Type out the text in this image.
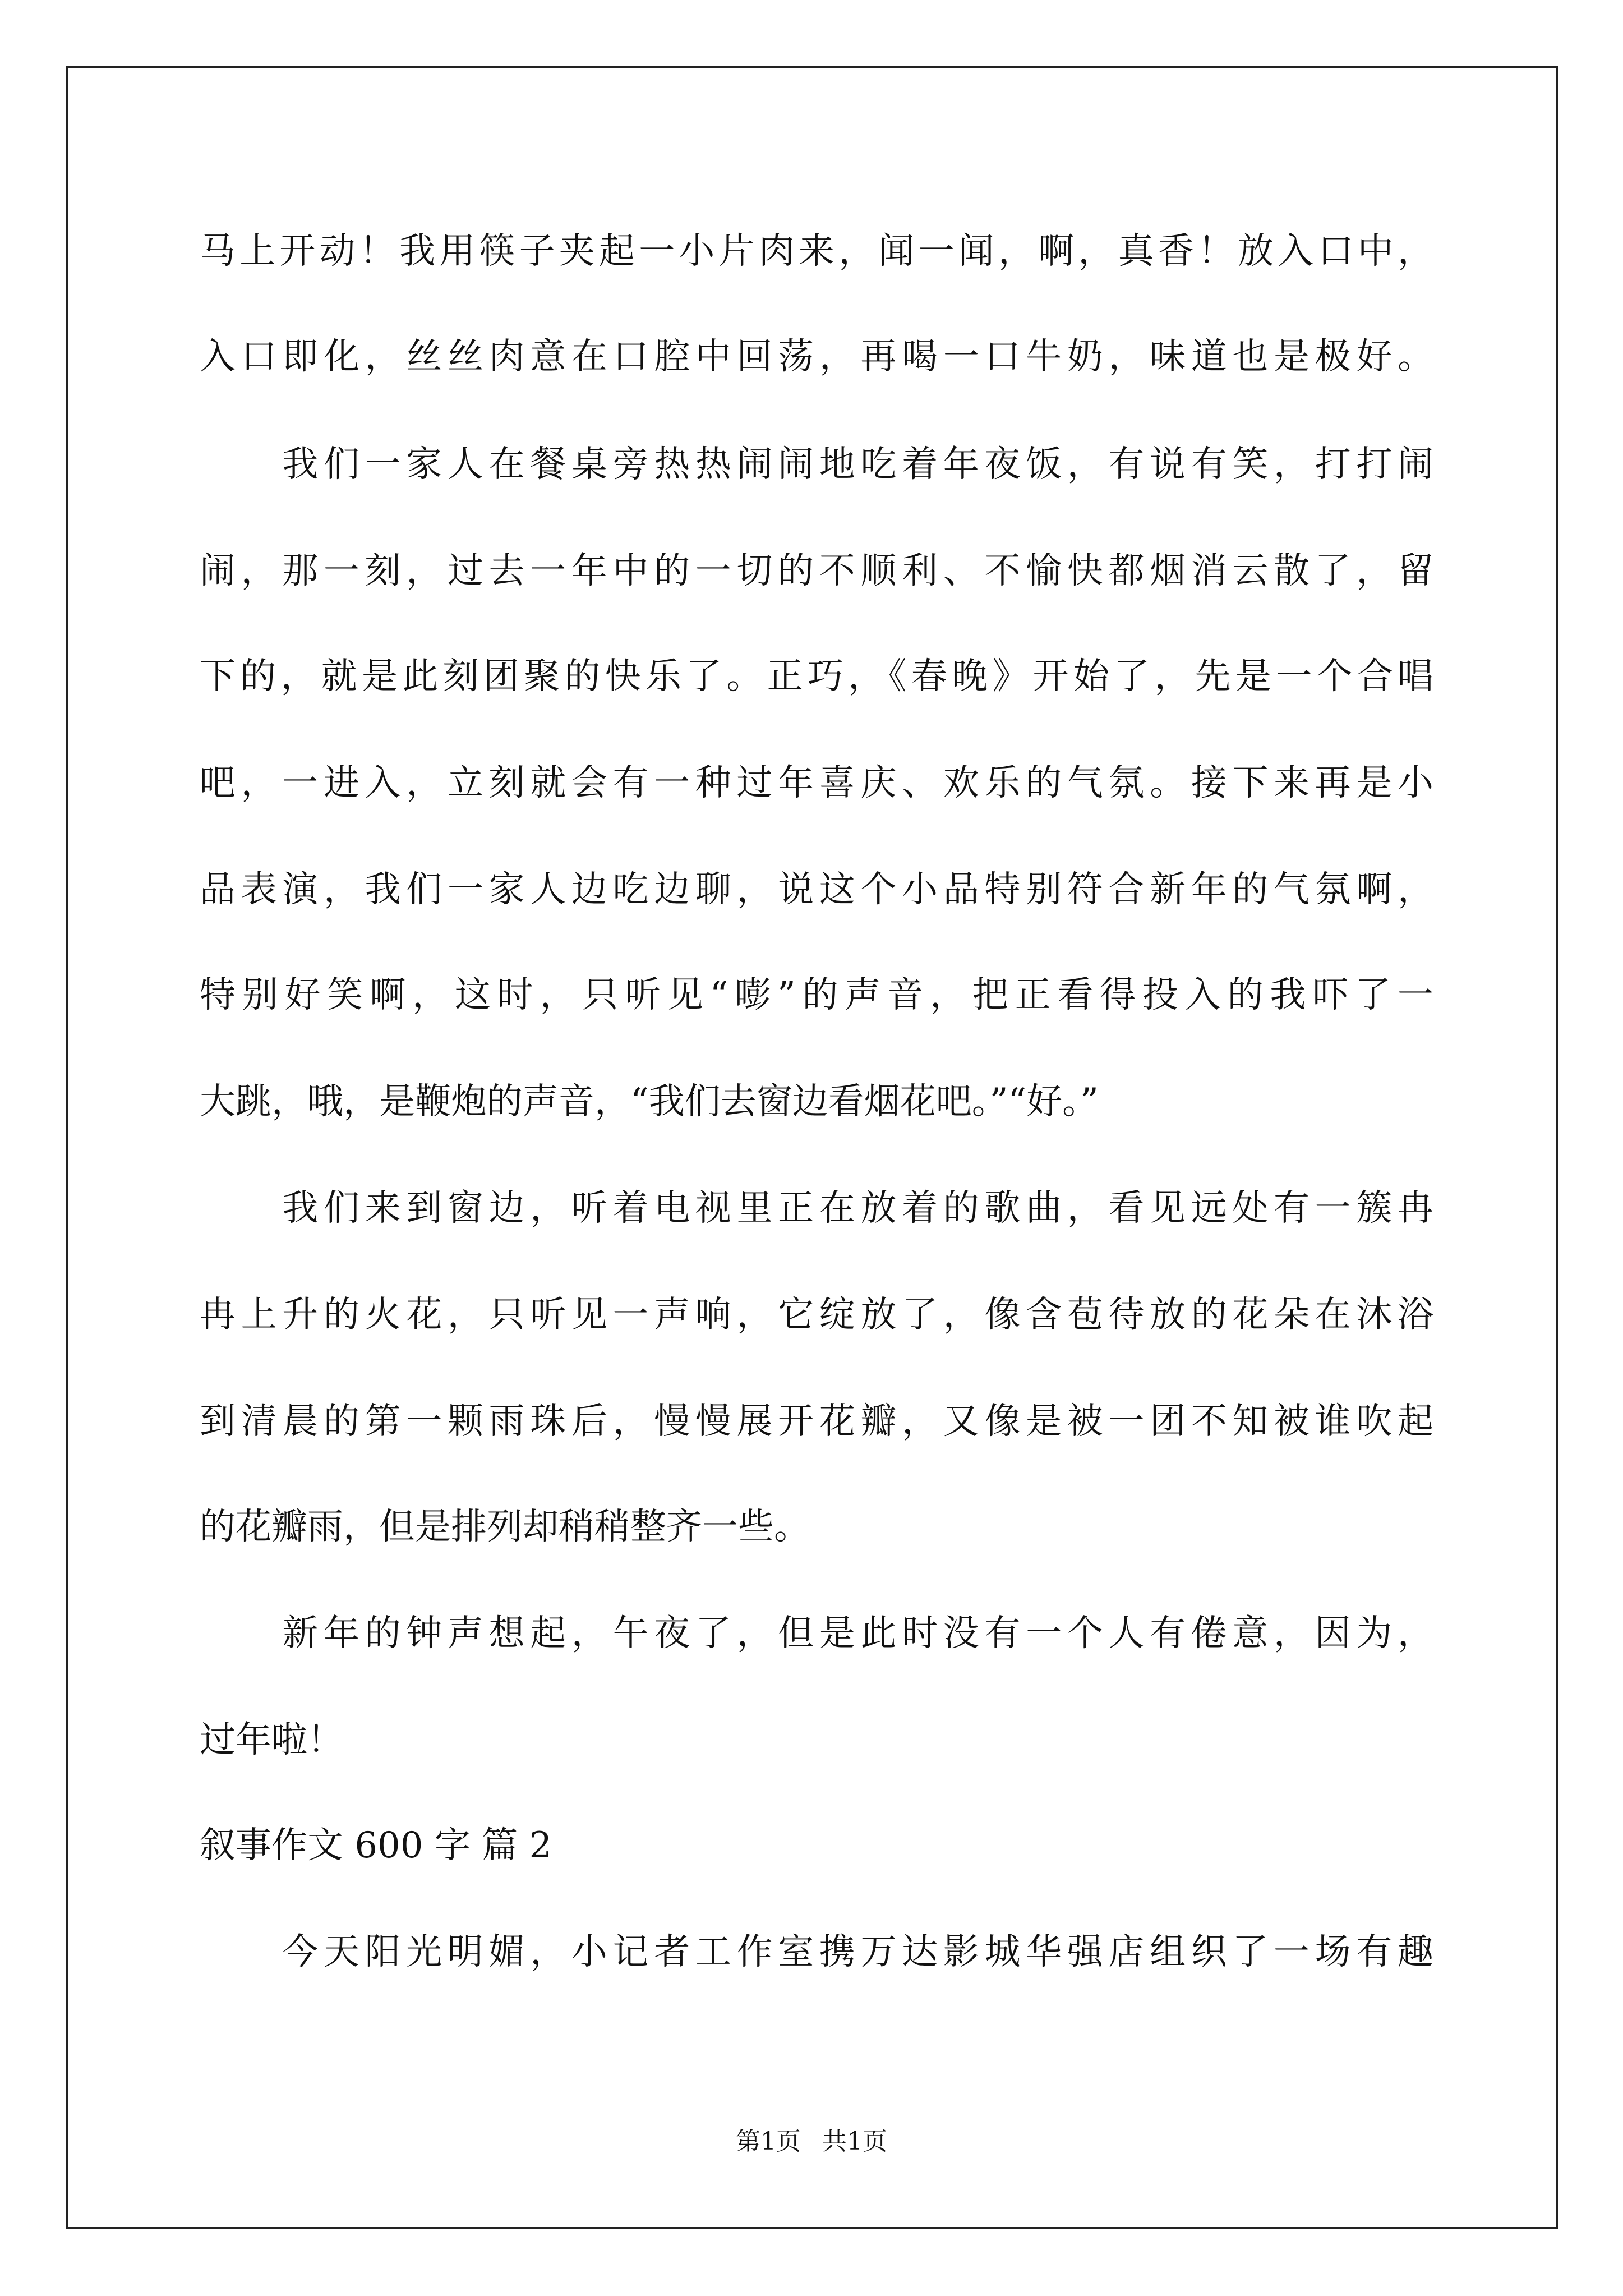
马上开动！我用筷子夹起一小片肉来，闻一闻，啊，真香！放入口中，
入口即化，丝丝肉意在口腔中回荡，再喝一口牛奶，味道也是极好。
　　我们一家人在餐桌旁热热闹闹地吃着年夜饭，有说有笑，打打闹
闹，那一刻，过去一年中的一切的不顺利、不愉快都烟消云散了，留
下的，就是此刻团聚的快乐了。正巧，《春晚》开始了，先是一个合唱
吧，一进入，立刻就会有一种过年喜庆、欢乐的气氛。接下来再是小
品表演，我们一家人边吃边聊，说这个小品特别符合新年的气氛啊，
特别好笑啊，这时，只听见“嘭”的声音，把正看得投入的我吓了一
大跳，哦，是鞭炮的声音，“我们去窗边看烟花吧。”“好。”
　　我们来到窗边，听着电视里正在放着的歌曲，看见远处有一簇冉
冉上升的火花，只听见一声响，它绽放了，像含苞待放的花朵在沐浴
到清晨的第一颗雨珠后，慢慢展开花瓣，又像是被一团不知被谁吹起
的花瓣雨，但是排列却稍稍整齐一些。
　　新年的钟声想起，午夜了，但是此时没有一个人有倦意，因为，
过年啦！
叙事作文 600 字 篇 2
　　今天阳光明媚，小记者工作室携万达影城华强店组织了一场有趣
第1页 共1页
